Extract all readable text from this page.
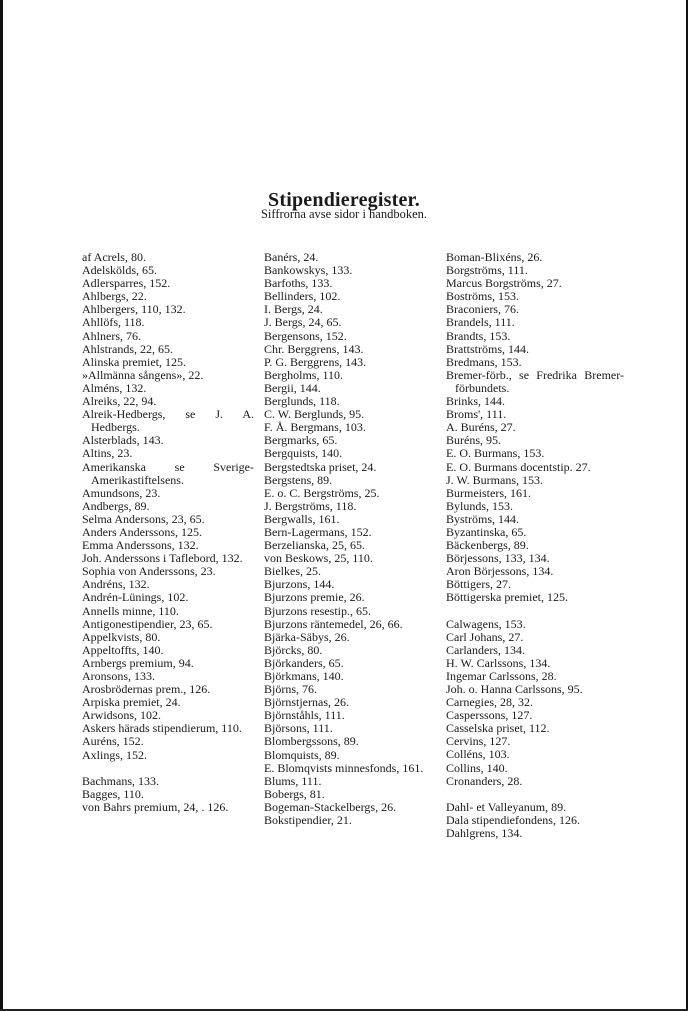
Stipendieregister.
Siffrorna avse sidor i handboken.
af Acrels, 80.
Adelskölds, 65.
Adlersparres, 152.
Ahlbergs, 22.
Ahlbergers, 110, 132.
Ahllöfs, 118.
Ahlners, 76.
Ahlstrands, 22, 65.
Alinska premiet, 125.
»Allmänna sångens», 22.
Alméns, 132.
Alreiks, 22, 94.
Alreik-Hedbergs, se J. A. Hedbergs.
Alsterblads, 143.
Altins, 23.
Amerikanska se Sverige-Amerikastiftelsens.
Amundsons, 23.
Andbergs, 89.
Selma Andersons, 23, 65.
Anders Anderssons, 125.
Emma Anderssons, 132.
Joh. Anderssons i Taflebord, 132.
Sophia von Anderssons, 23.
Andréns, 132.
Andrén-Lünings, 102.
Annells minne, 110.
Antigonestipendier, 23, 65.
Appelkvists, 80.
Appeltoffts, 140.
Arnbergs premium, 94.
Aronsons, 133.
Arosbrödernas prem., 126.
Arpiska premiet, 24.
Arwidsons, 102.
Askers härads stipendierum, 110.
Auréns, 152.
Axlings, 152.
Bachmans, 133.
Bagges, 110.
von Bahrs premium, 24, . 126.
Banérs, 24.
Bankowskys, 133.
Barfoths, 133.
Bellinders, 102.
I. Bergs, 24.
J. Bergs, 24, 65.
Bergensons, 152.
Chr. Berggrens, 143.
P. G. Berggrens, 143.
Bergholms, 110.
Bergii, 144.
Berglunds, 118.
C. W. Berglunds, 95.
F. Å. Bergmans, 103.
Bergmarks, 65.
Bergquists, 140.
Bergstedtska priset, 24.
Bergstens, 89.
E. o. C. Bergströms, 25.
J. Bergströms, 118.
Bergwalls, 161.
Bern-Lagermans, 152.
Berzelianska, 25, 65.
von Beskows, 25, 110.
Bielkes, 25.
Bjurzons, 144.
Bjurzons premie, 26.
Bjurzons resestip., 65.
Bjurzons räntemedel, 26, 66.
Bjärka-Säbys, 26.
Björcks, 80.
Björkanders, 65.
Björkmans, 140.
Björns, 76.
Björnstjernas, 26.
Björnståhls, 111.
Björsons, 111.
Blombergssons, 89.
Blomquists, 89.
E. Blomqvists minnesfonds, 161.
Blums, 111.
Bobergs, 81.
Bogeman-Stackelbergs, 26.
Bokstipendier, 21.
Boman-Blixéns, 26.
Borgströms, 111.
Marcus Borgströms, 27.
Boströms, 153.
Braconiers, 76.
Brandels, 111.
Brandts, 153.
Brattströms, 144.
Bredmans, 153.
Bremer-förb., se Fredrika Bremer-förbundets.
Brinks, 144.
Broms', 111.
A. Buréns, 27.
Buréns, 95.
E. O. Burmans, 153.
E. O. Burmans docentstip. 27.
J. W. Burmans, 153.
Burmeisters, 161.
Bylunds, 153.
Byströms, 144.
Byzantinska, 65.
Bäckenbergs, 89.
Börjessons, 133, 134.
Aron Börjessons, 134.
Böttigers, 27.
Böttigerska premiet, 125.
Calwagens, 153.
Carl Johans, 27.
Carlanders, 134.
H. W. Carlssons, 134.
Ingemar Carlssons, 28.
Joh. o. Hanna Carlssons, 95.
Carnegies, 28, 32.
Casperssons, 127.
Casselska priset, 112.
Cervins, 127.
Colléns, 103.
Collins, 140.
Cronanders, 28.
Dahl- et Valleyanum, 89.
Dala stipendiefondens, 126.
Dahlgrens, 134.
